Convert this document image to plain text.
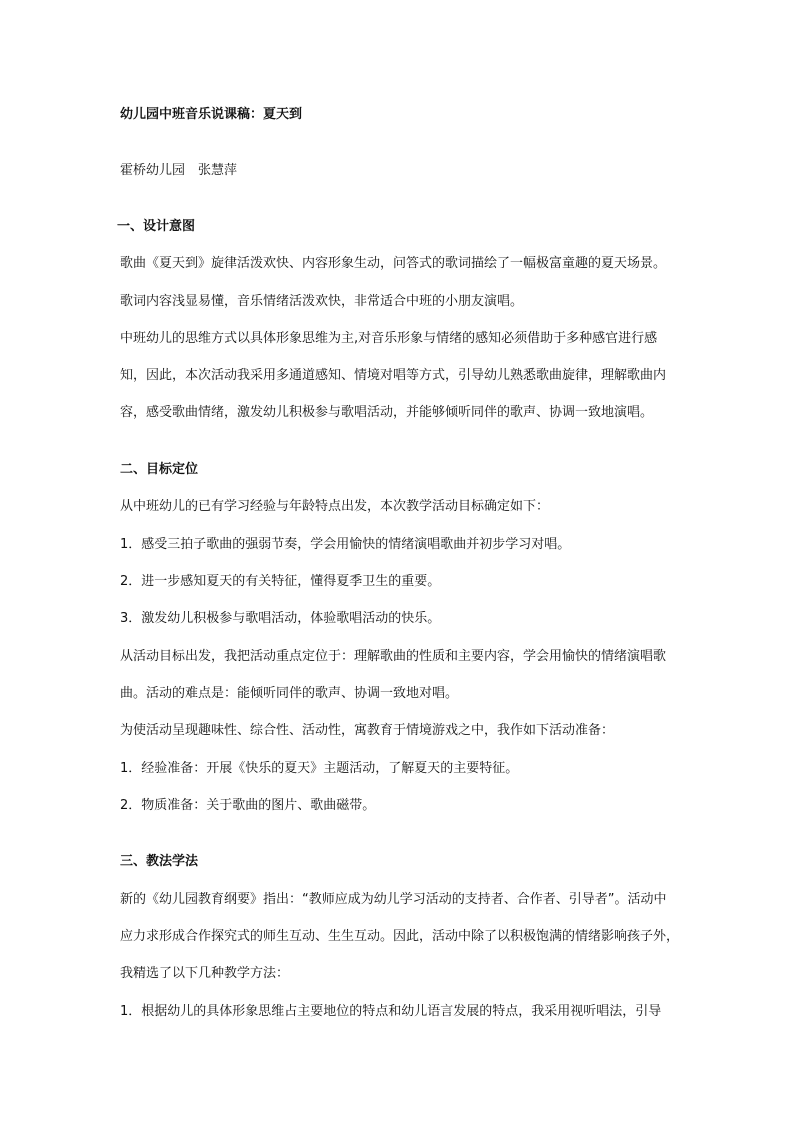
幼儿园中班音乐说课稿：夏天到
霍桥幼儿园　张慧萍
一、设计意图
歌曲《夏天到》旋律活泼欢快、内容形象生动，问答式的歌词描绘了一幅极富童趣的夏天场景。
歌词内容浅显易懂，音乐情绪活泼欢快，非常适合中班的小朋友演唱。
中班幼儿的思维方式以具体形象思维为主,对音乐形象与情绪的感知必须借助于多种感官进行感
知，因此，本次活动我采用多通道感知、情境对唱等方式，引导幼儿熟悉歌曲旋律，理解歌曲内
容，感受歌曲情绪，激发幼儿积极参与歌唱活动，并能够倾听同伴的歌声、协调一致地演唱。
二、目标定位
从中班幼儿的已有学习经验与年龄特点出发，本次教学活动目标确定如下：
1．感受三拍子歌曲的强弱节奏，学会用愉快的情绪演唱歌曲并初步学习对唱。
2．进一步感知夏天的有关特征，懂得夏季卫生的重要。
3．激发幼儿积极参与歌唱活动，体验歌唱活动的快乐。
从活动目标出发，我把活动重点定位于：理解歌曲的性质和主要内容，学会用愉快的情绪演唱歌
曲。活动的难点是：能倾听同伴的歌声、协调一致地对唱。
为使活动呈现趣味性、综合性、活动性，寓教育于情境游戏之中，我作如下活动准备：
1．经验准备：开展《快乐的夏天》主题活动，了解夏天的主要特征。
2．物质准备：关于歌曲的图片、歌曲磁带。
三、教法学法
新的《幼儿园教育纲要》指出：“教师应成为幼儿学习活动的支持者、合作者、引导者”。活动中
应力求形成合作探究式的师生互动、生生互动。因此，活动中除了以积极饱满的情绪影响孩子外，
我精选了以下几种教学方法：
1．根据幼儿的具体形象思维占主要地位的特点和幼儿语言发展的特点，我采用视听唱法，引导
